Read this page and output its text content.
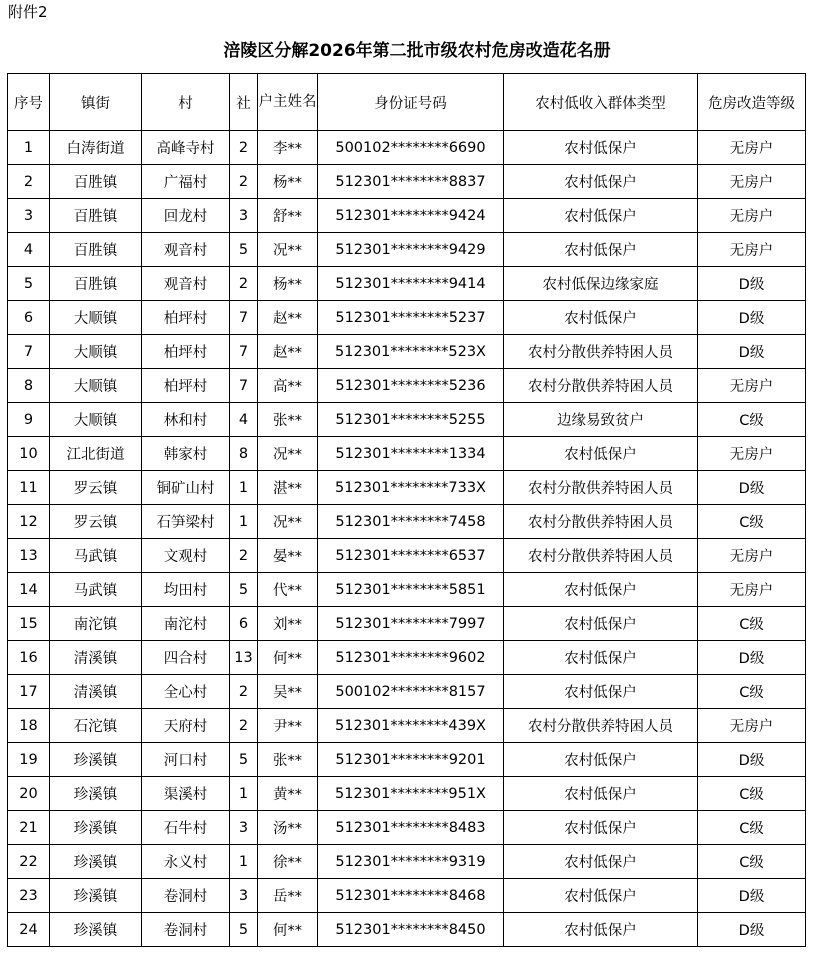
附件2
涪陵区分解2026年第二批市级农村危房改造花名册
序号	镇街	村	社	户主姓名	身份证号码	农村低收入群体类型	危房改造等级
1	白涛街道	高峰寺村	2	李**	500102********6690	农村低保户	无房户
2	百胜镇	广福村	2	杨**	512301********8837	农村低保户	无房户
3	百胜镇	回龙村	3	舒**	512301********9424	农村低保户	无房户
4	百胜镇	观音村	5	况**	512301********9429	农村低保户	无房户
5	百胜镇	观音村	2	杨**	512301********9414	农村低保边缘家庭	D级
6	大顺镇	柏坪村	7	赵**	512301********5237	农村低保户	D级
7	大顺镇	柏坪村	7	赵**	512301********523X	农村分散供养特困人员	D级
8	大顺镇	柏坪村	7	高**	512301********5236	农村分散供养特困人员	无房户
9	大顺镇	林和村	4	张**	512301********5255	边缘易致贫户	C级
10	江北街道	韩家村	8	况**	512301********1334	农村低保户	无房户
11	罗云镇	铜矿山村	1	湛**	512301********733X	农村分散供养特困人员	D级
12	罗云镇	石笋梁村	1	况**	512301********7458	农村分散供养特困人员	C级
13	马武镇	文观村	2	晏**	512301********6537	农村分散供养特困人员	无房户
14	马武镇	均田村	5	代**	512301********5851	农村低保户	无房户
15	南沱镇	南沱村	6	刘**	512301********7997	农村低保户	C级
16	清溪镇	四合村	13	何**	512301********9602	农村低保户	D级
17	清溪镇	全心村	2	吴**	500102********8157	农村低保户	C级
18	石沱镇	天府村	2	尹**	512301********439X	农村分散供养特困人员	无房户
19	珍溪镇	河口村	5	张**	512301********9201	农村低保户	D级
20	珍溪镇	渠溪村	1	黄**	512301********951X	农村低保户	C级
21	珍溪镇	石牛村	3	汤**	512301********8483	农村低保户	C级
22	珍溪镇	永义村	1	徐**	512301********9319	农村低保户	C级
23	珍溪镇	卷洞村	3	岳**	512301********8468	农村低保户	D级
24	珍溪镇	卷洞村	5	何**	512301********8450	农村低保户	D级
